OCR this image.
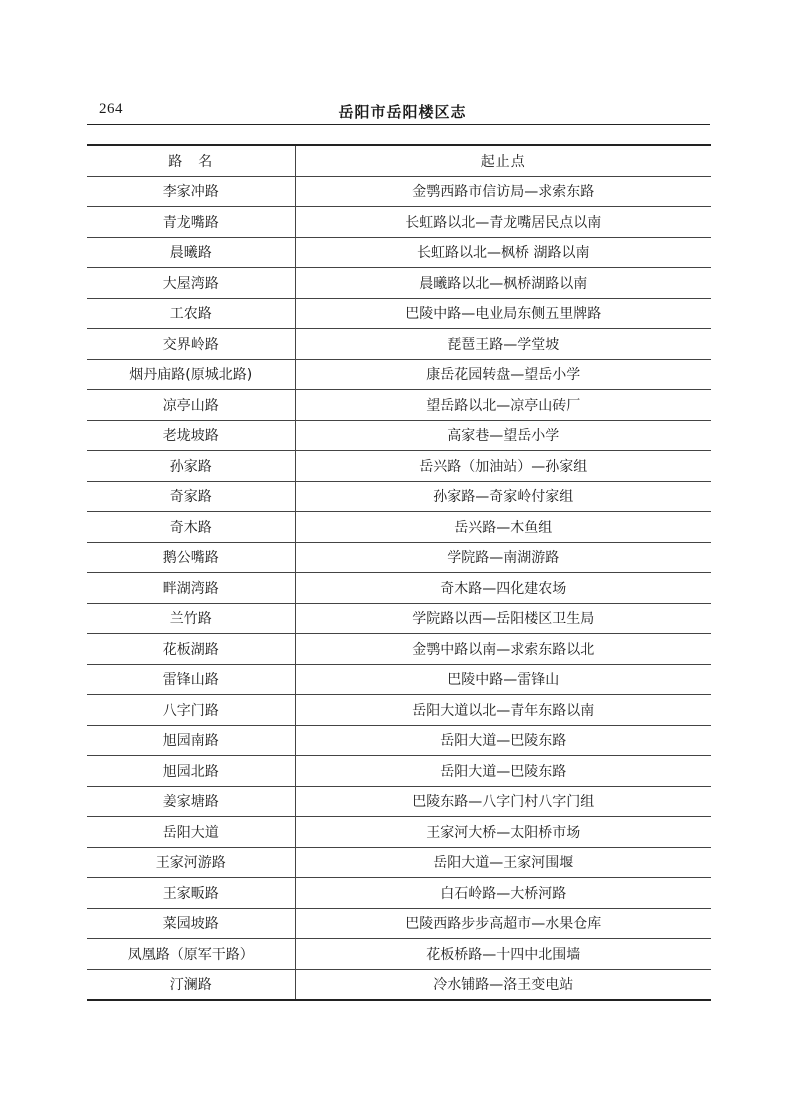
264	岳阳市岳阳楼区志
路　名	起止点
李家冲路	金鹗西路市信访局—求索东路
青龙嘴路	长虹路以北—青龙嘴居民点以南
晨曦路	长虹路以北—枫桥 湖路以南
大屋湾路	晨曦路以北—枫桥湖路以南
工农路	巴陵中路—电业局东侧五里牌路
交界岭路	琵琶王路—学堂坡
烟丹庙路(原城北路)	康岳花园转盘—望岳小学
凉亭山路	望岳路以北—凉亭山砖厂
老垅坡路	高家巷—望岳小学
孙家路	岳兴路（加油站）—孙家组
奇家路	孙家路—奇家岭付家组
奇木路	岳兴路—木鱼组
鹅公嘴路	学院路—南湖游路
畔湖湾路	奇木路—四化建农场
兰竹路	学院路以西—岳阳楼区卫生局
花板湖路	金鹗中路以南—求索东路以北
雷锋山路	巴陵中路—雷锋山
八字门路	岳阳大道以北—青年东路以南
旭园南路	岳阳大道—巴陵东路
旭园北路	岳阳大道—巴陵东路
姜家塘路	巴陵东路—八字门村八字门组
岳阳大道	王家河大桥—太阳桥市场
王家河游路	岳阳大道—王家河围堰
王家畈路	白石岭路—大桥河路
菜园坡路	巴陵西路步步高超市—水果仓库
凤凰路（原军干路）	花板桥路—十四中北围墙
汀澜路	冷水铺路—洛王变电站
